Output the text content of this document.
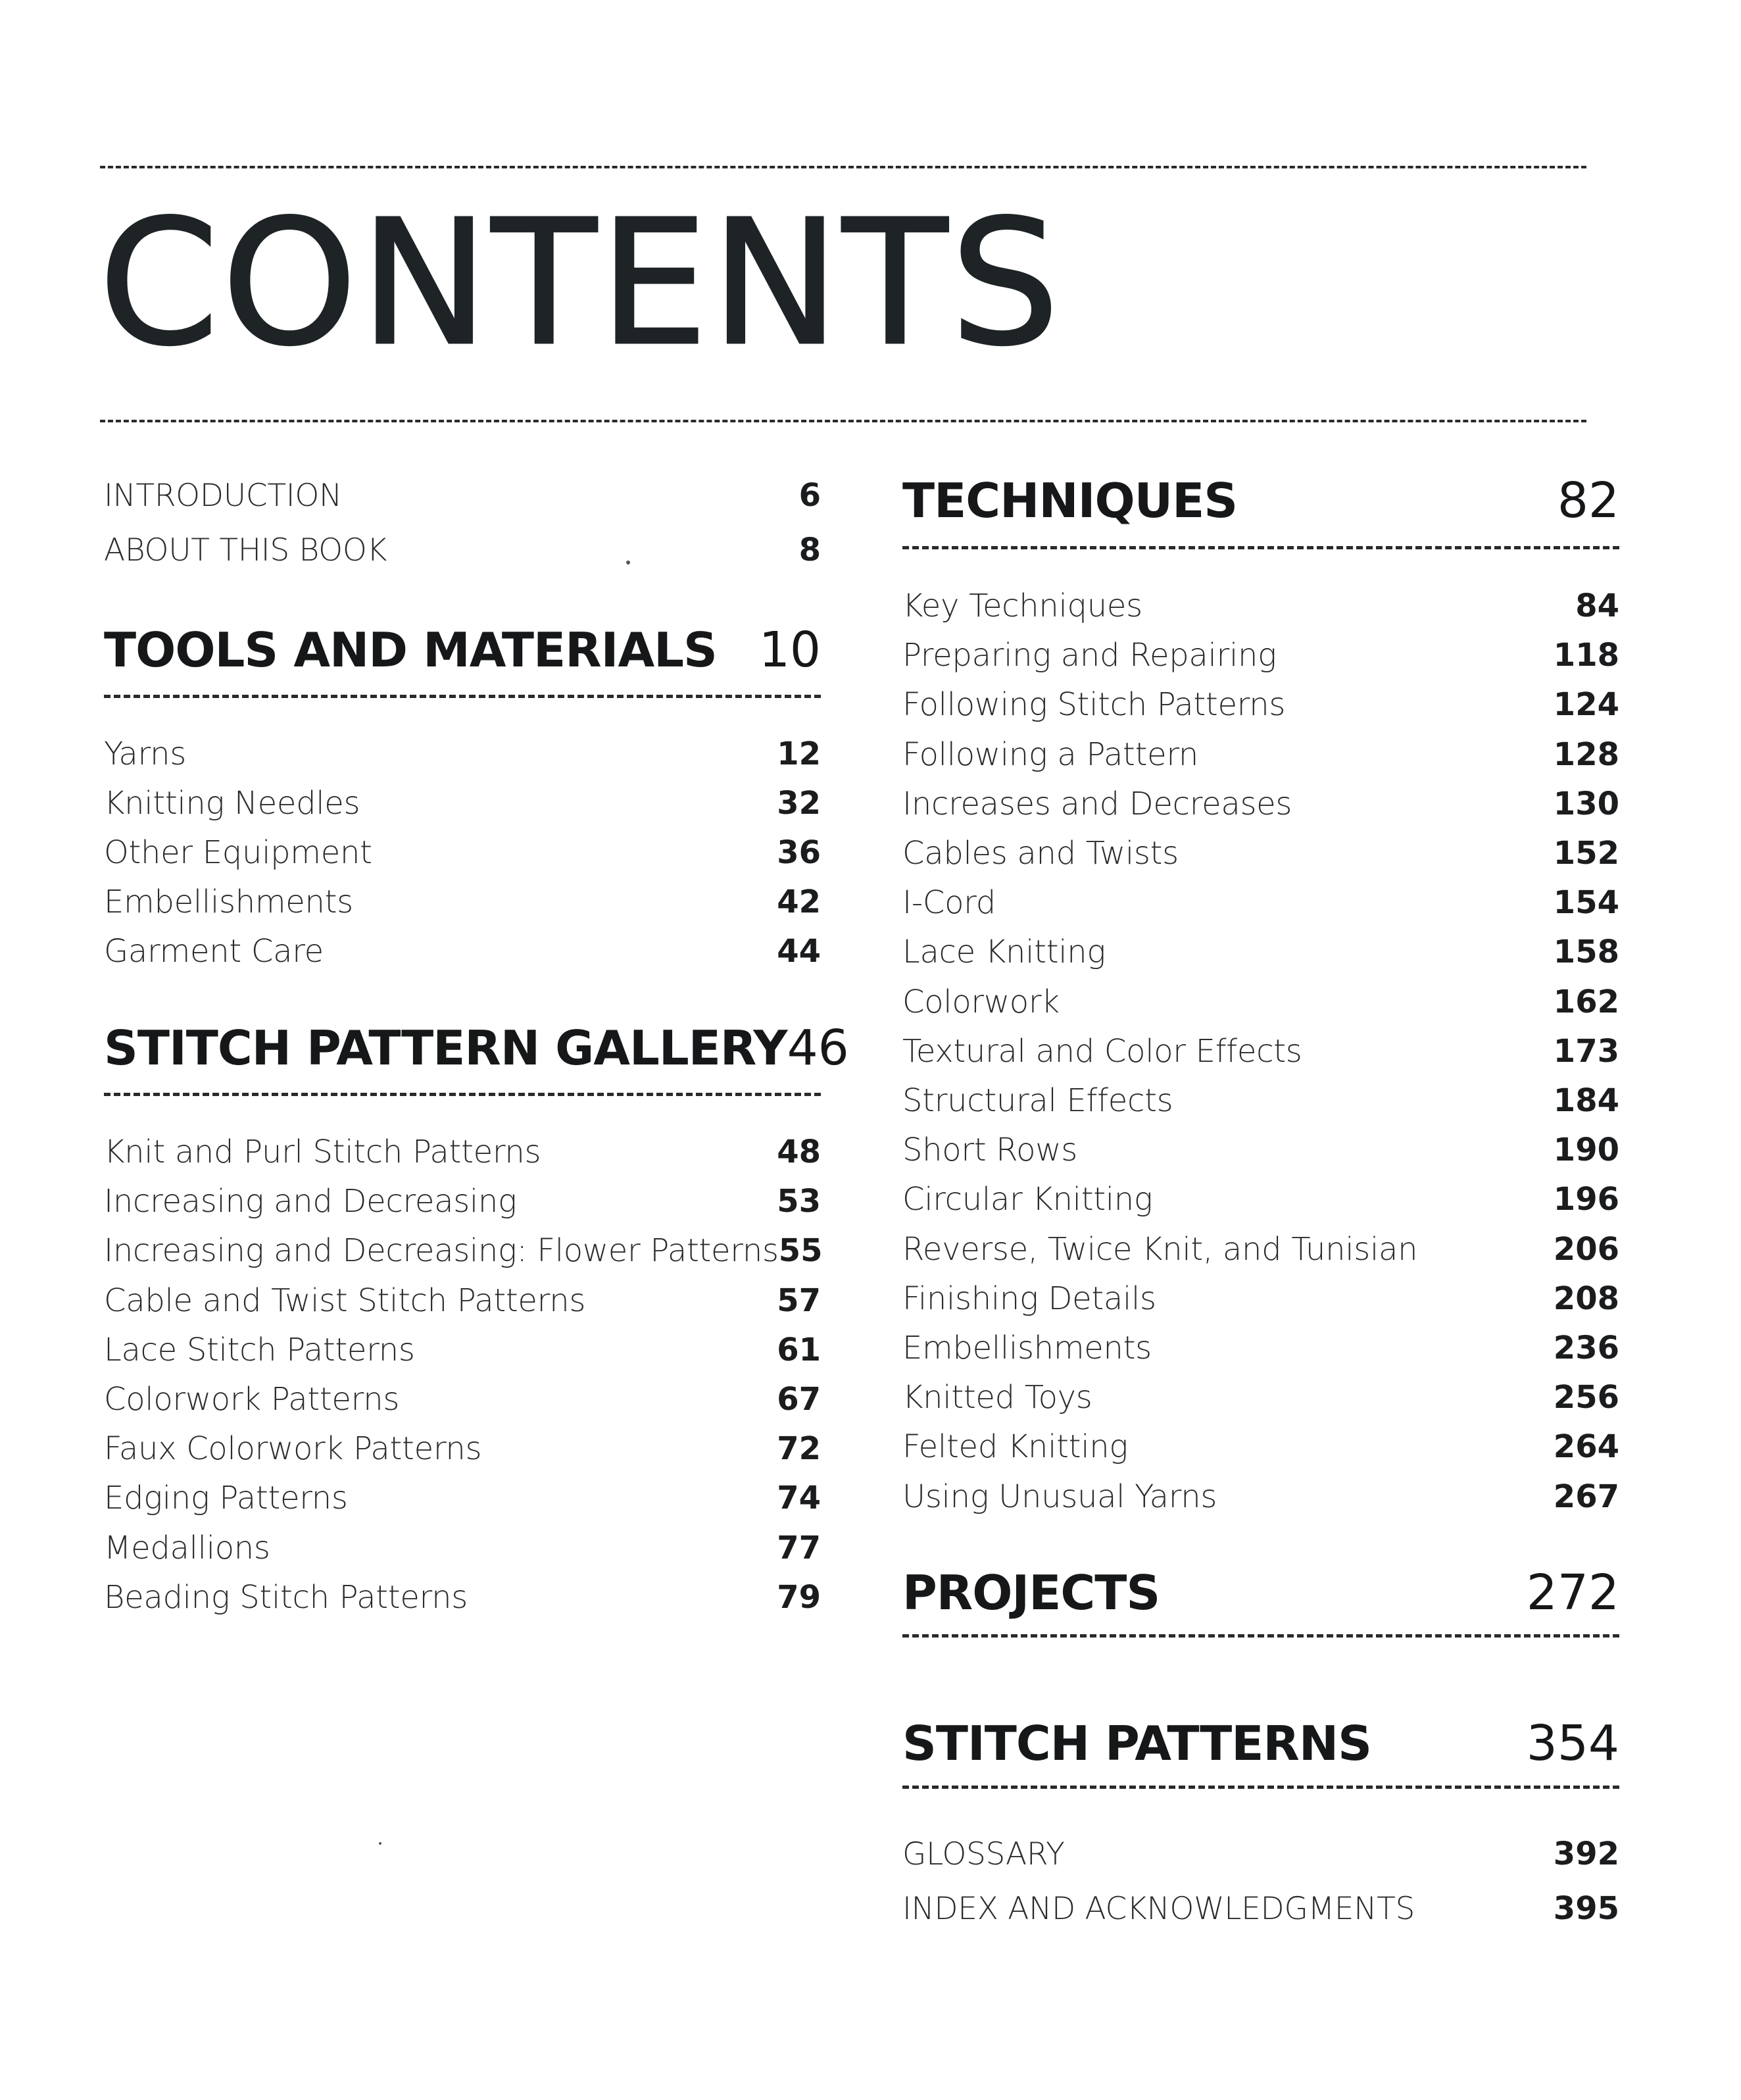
CONTENTS
INTRODUCTION	6
ABOUT THIS BOOK	8
TOOLS AND MATERIALS 10
Yarns	12
Knitting Needles	32
Other Equipment	36
Embellishments	42
Garment Care	44
STITCH PATTERN GALLERY 46
Knit and Purl Stitch Patterns	48
Increasing and Decreasing	53
Increasing and Decreasing: Flower Patterns 55
Cable and Twist Stitch Patterns	57
Lace Stitch Patterns	61
Colorwork Patterns	67
Faux Colorwork Patterns	72
Edging Patterns	74
Medallions	77
Beading Stitch Patterns	79
TECHNIQUES	82
Key Techniques	84
Preparing and Repairing	118
Following Stitch Patterns	124
Following a Pattern	128
Increases and Decreases	130
Cables and Twists	152
I-Cord	154
Lace Knitting	158
Colorwork	162
Textural and Color Effects	173
Structural Effects	184
Short Rows	190
Circular Knitting	196
Reverse, Twice Knit, and Tunisian	206
Finishing Details	208
Embellishments	236
Knitted Toys	256
Felted Knitting	264
Using Unusual Yarns	267
PROJECTS	272
STITCH PATTERNS	354
GLOSSARY	392
INDEX AND ACKNOWLEDGMENTS	395
